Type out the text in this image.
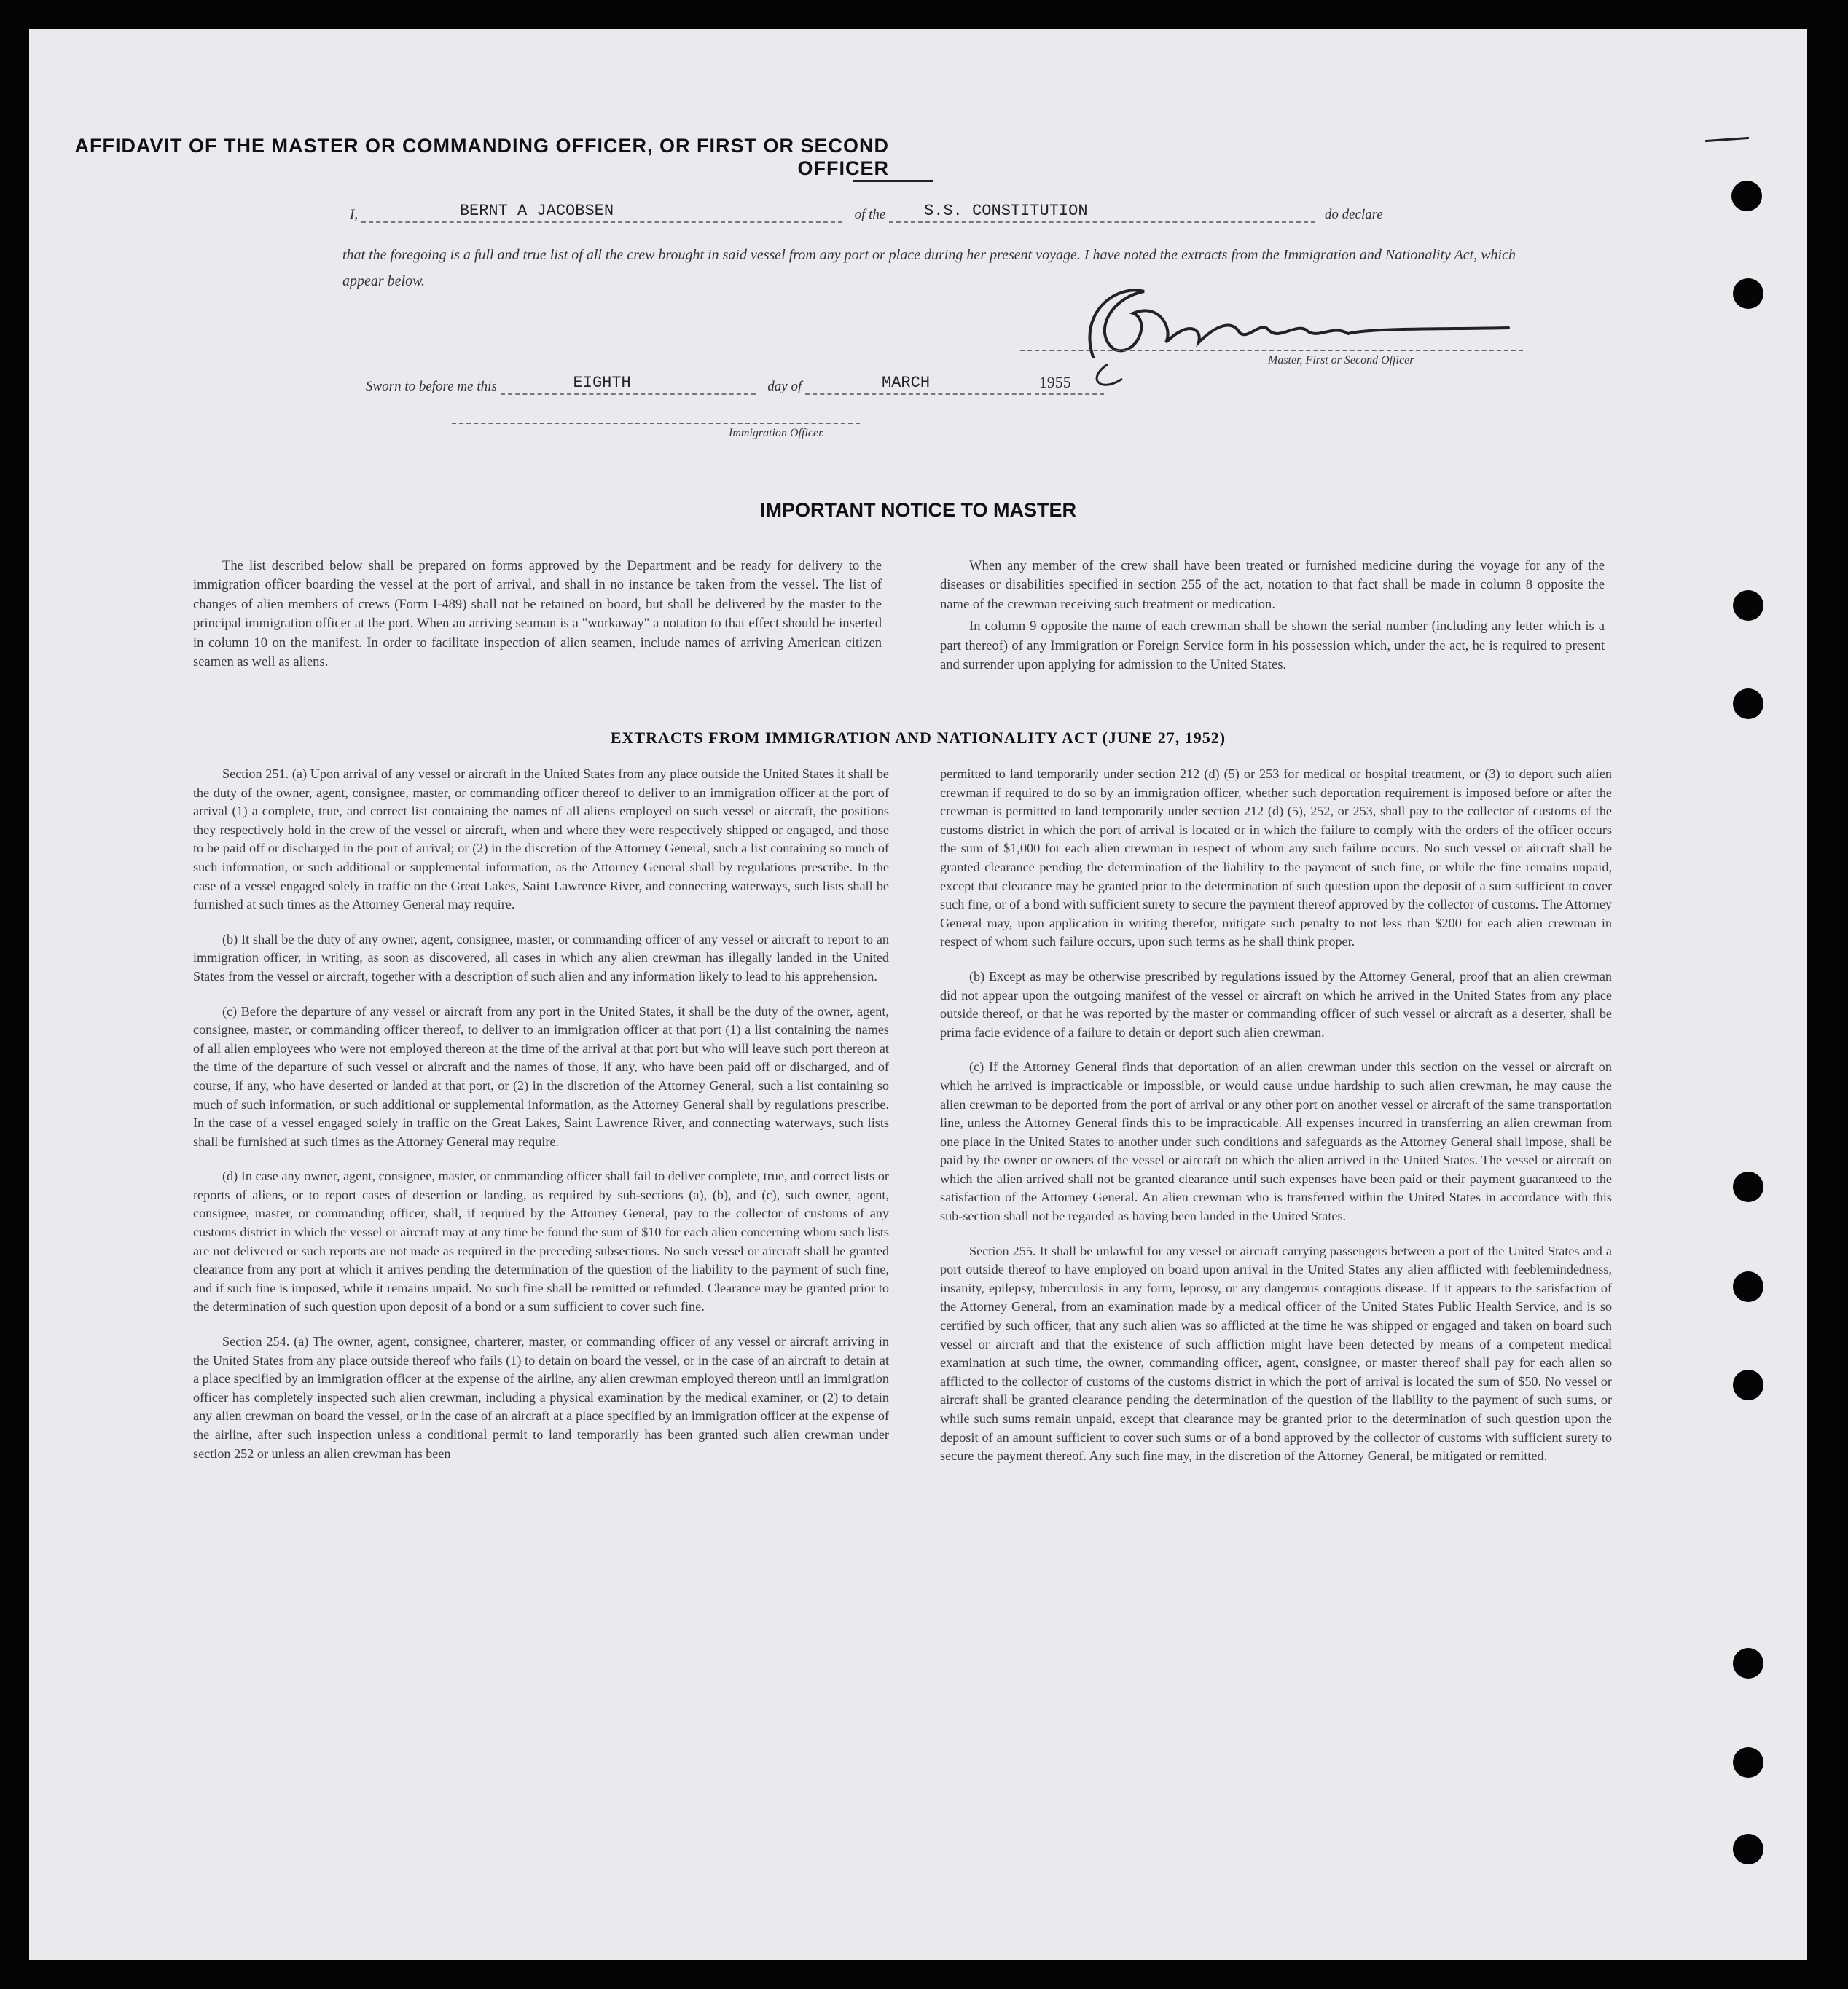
AFFIDAVIT OF THE MASTER OR COMMANDING OFFICER, OR FIRST OR SECOND OFFICER
I,	BERNT A JACOBSEN	of the S.S. CONSTITUTION	do declare
that the foregoing is a full and true list of all the crew brought in said vessel from any port or place during her present voyage. I have noted the extracts from the Immigration and Nationality Act, which appear below.
Master, First or Second Officer
Sworn to before me this	EIGHTH	day of	MARCH
	1955
Immigration Officer.
IMPORTANT NOTICE TO MASTER

The list described below shall be prepared on forms approved by the Department and be ready for delivery to the immigration officer boarding the vessel at the port of arrival, and shall in no instance be taken from the vessel. The list of changes of alien members of crews (Form I-489) shall not be retained on board, but shall be delivered by the master to the principal immigration officer at the port. When an arriving seaman is a "workaway" a notation to that effect should be inserted in column 10 on the manifest. In order to facilitate inspection of alien seamen, include names of arriving American citizen seamen as well as aliens.

When any member of the crew shall have been treated or furnished medicine during the voyage for any of the diseases or disabilities specified in section 255 of the act, notation to that fact shall be made in column 8 opposite the name of the crewman receiving such treatment or medication.

In column 9 opposite the name of each crewman shall be shown the serial number (including any letter which is a part thereof) of any Immigration or Foreign Service form in his possession which, under the act, he is required to present and surrender upon applying for admission to the United States.

EXTRACTS FROM IMMIGRATION AND NATIONALITY ACT (JUNE 27, 1952)

Section 251. (a) Upon arrival of any vessel or aircraft in the United States from any place outside the United States it shall be the duty of the owner, agent, consignee, master, or commanding officer thereof to deliver to an immigration officer at the port of arrival (1) a complete, true, and correct list containing the names of all aliens employed on such vessel or aircraft, the positions they respectively hold in the crew of the vessel or aircraft, when and where they were respectively shipped or engaged, and those to be paid off or discharged in the port of arrival; or (2) in the discretion of the Attorney General, such a list containing so much of such information, or such additional or supplemental information, as the Attorney General shall by regulations prescribe. In the case of a vessel engaged solely in traffic on the Great Lakes, Saint Lawrence River, and connecting waterways, such lists shall be furnished at such times as the Attorney General may require.

(b) It shall be the duty of any owner, agent, consignee, master, or commanding officer of any vessel or aircraft to report to an immigration officer, in writing, as soon as discovered, all cases in which any alien crewman has illegally landed in the United States from the vessel or aircraft, together with a description of such alien and any information likely to lead to his apprehension.

(c) Before the departure of any vessel or aircraft from any port in the United States, it shall be the duty of the owner, agent, consignee, master, or commanding officer thereof, to deliver to an immigration officer at that port (1) a list containing the names of all alien employees who were not employed thereon at the time of the arrival at that port but who will leave such port thereon at the time of the departure of such vessel or aircraft and the names of those, if any, who have been paid off or discharged, and of course, if any, who have deserted or landed at that port, or (2) in the discretion of the Attorney General, such a list containing so much of such information, or such additional or supplemental information, as the Attorney General shall by regulations prescribe. In the case of a vessel engaged solely in traffic on the Great Lakes, Saint Lawrence River, and connecting waterways, such lists shall be furnished at such times as the Attorney General may require.

(d) In case any owner, agent, consignee, master, or commanding officer shall fail to deliver complete, true, and correct lists or reports of aliens, or to report cases of desertion or landing, as required by sub-sections (a), (b), and (c), such owner, agent, consignee, master, or commanding officer, shall, if required by the Attorney General, pay to the collector of customs of any customs district in which the vessel or aircraft may at any time be found the sum of $10 for each alien concerning whom such lists are not delivered or such reports are not made as required in the preceding subsections. No such vessel or aircraft shall be granted clearance from any port at which it arrives pending the determination of the question of the liability to the payment of such fine, and if such fine is imposed, while it remains unpaid. No such fine shall be remitted or refunded. Clearance may be granted prior to the determination of such question upon deposit of a bond or a sum sufficient to cover such fine.

Section 254. (a) The owner, agent, consignee, charterer, master, or commanding officer of any vessel or aircraft arriving in the United States from any place outside thereof who fails (1) to detain on board the vessel, or in the case of an aircraft to detain at a place specified by an immigration officer at the expense of the airline, any alien crewman employed thereon until an immigration officer has completely inspected such alien crewman, including a physical examination by the medical examiner, or (2) to detain any alien crewman on board the vessel, or in the case of an aircraft at a place specified by an immigration officer at the expense of the airline, after such inspection unless a conditional permit to land temporarily has been granted such alien crewman under section 252 or unless an alien crewman has been

permitted to land temporarily under section 212 (d) (5) or 253 for medical or hospital treatment, or (3) to deport such alien crewman if required to do so by an immigration officer, whether such deportation requirement is imposed before or after the crewman is permitted to land temporarily under section 212 (d) (5), 252, or 253, shall pay to the collector of customs of the customs district in which the port of arrival is located or in which the failure to comply with the orders of the officer occurs the sum of $1,000 for each alien crewman in respect of whom any such failure occurs. No such vessel or aircraft shall be granted clearance pending the determination of the liability to the payment of such fine, or while the fine remains unpaid, except that clearance may be granted prior to the determination of such question upon the deposit of a sum sufficient to cover such fine, or of a bond with sufficient surety to secure the payment thereof approved by the collector of customs. The Attorney General may, upon application in writing therefor, mitigate such penalty to not less than $200 for each alien crewman in respect of whom such failure occurs, upon such terms as he shall think proper.

(b) Except as may be otherwise prescribed by regulations issued by the Attorney General, proof that an alien crewman did not appear upon the outgoing manifest of the vessel or aircraft on which he arrived in the United States from any place outside thereof, or that he was reported by the master or commanding officer of such vessel or aircraft as a deserter, shall be prima facie evidence of a failure to detain or deport such alien crewman.

(c) If the Attorney General finds that deportation of an alien crewman under this section on the vessel or aircraft on which he arrived is impracticable or impossible, or would cause undue hardship to such alien crewman, he may cause the alien crewman to be deported from the port of arrival or any other port on another vessel or aircraft of the same transportation line, unless the Attorney General finds this to be impracticable. All expenses incurred in transferring an alien crewman from one place in the United States to another under such conditions and safeguards as the Attorney General shall impose, shall be paid by the owner or owners of the vessel or aircraft on which the alien arrived in the United States. The vessel or aircraft on which the alien arrived shall not be granted clearance until such expenses have been paid or their payment guaranteed to the satisfaction of the Attorney General. An alien crewman who is transferred within the United States in accordance with this sub-section shall not be regarded as having been landed in the United States.

Section 255. It shall be unlawful for any vessel or aircraft carrying passengers between a port of the United States and a port outside thereof to have employed on board upon arrival in the United States any alien afflicted with feeblemindedness, insanity, epilepsy, tuberculosis in any form, leprosy, or any dangerous contagious disease. If it appears to the satisfaction of the Attorney General, from an examination made by a medical officer of the United States Public Health Service, and is so certified by such officer, that any such alien was so afflicted at the time he was shipped or engaged and taken on board such vessel or aircraft and that the existence of such affliction might have been detected by means of a competent medical examination at such time, the owner, commanding officer, agent, consignee, or master thereof shall pay for each alien so afflicted to the collector of customs of the customs district in which the port of arrival is located the sum of $50. No vessel or aircraft shall be granted clearance pending the determination of the question of the liability to the payment of such sums, or while such sums remain unpaid, except that clearance may be granted prior to the determination of such question upon the deposit of an amount sufficient to cover such sums or of a bond approved by the collector of customs with sufficient surety to secure the payment thereof. Any such fine may, in the discretion of the Attorney General, be mitigated or remitted.
